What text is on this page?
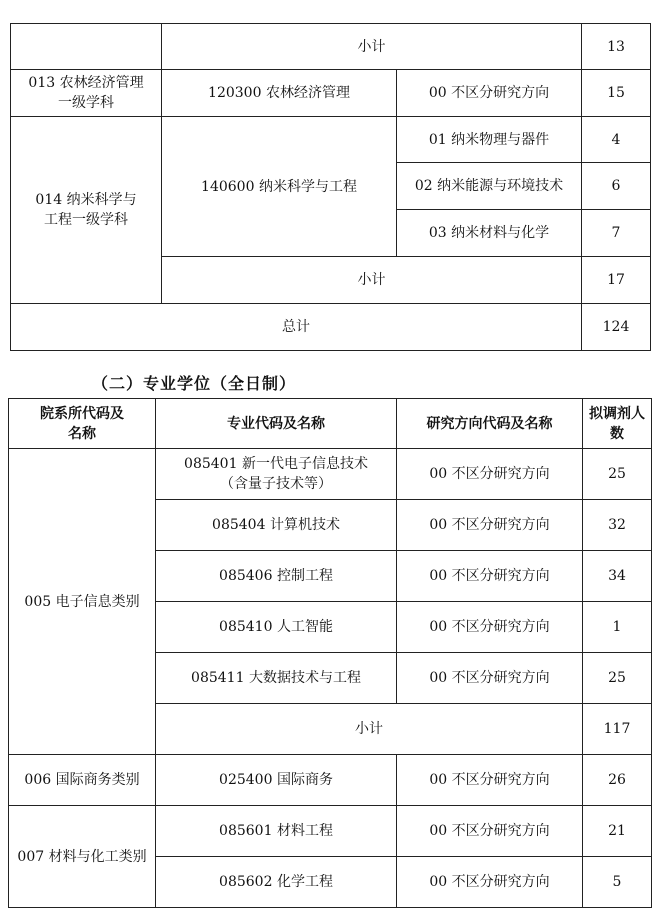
	小计		13
013 农林经济管理一级学科	120300 农林经济管理	00 不区分研究方向	15
014 纳米科学与工程一级学科	140600 纳米科学与工程	01 纳米物理与器件	4
		02 纳米能源与环境技术	6
		03 纳米材料与化学	7
	小计		17
总计			124
（二）专业学位（全日制）
院系所代码及名称	专业代码及名称	研究方向代码及名称	拟调剂人数
005 电子信息类别	085401 新一代电子信息技术（含量子技术等）	00 不区分研究方向	25
	085404 计算机技术	00 不区分研究方向	32
	085406 控制工程	00 不区分研究方向	34
	085410 人工智能	00 不区分研究方向	1
	085411 大数据技术与工程	00 不区分研究方向	25
	小计		117
006 国际商务类别	025400 国际商务	00 不区分研究方向	26
007 材料与化工类别	085601 材料工程	00 不区分研究方向	21
	085602 化学工程	00 不区分研究方向	5
